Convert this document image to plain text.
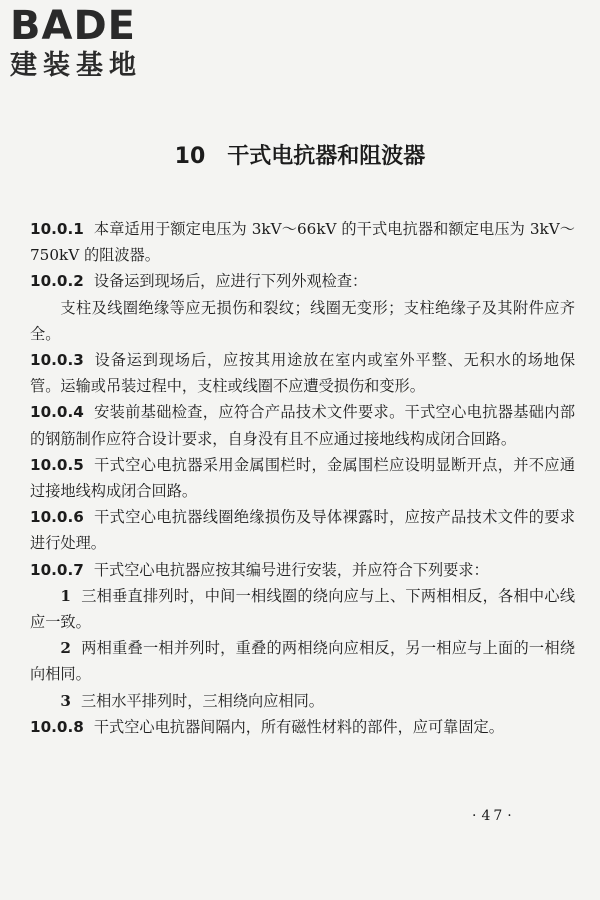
BADE
建装基地
10 干式电抗器和阻波器

10.0.1 本章适用于额定电压为 3kV～66kV 的干式电抗器和额定电压为 3kV～750kV 的阻波器。

10.0.2 设备运到现场后，应进行下列外观检查：

支柱及线圈绝缘等应无损伤和裂纹；线圈无变形；支柱绝缘子及其附件应齐全。

10.0.3 设备运到现场后，应按其用途放在室内或室外平整、无积水的场地保管。运输或吊装过程中，支柱或线圈不应遭受损伤和变形。

10.0.4 安装前基础检查，应符合产品技术文件要求。干式空心电抗器基础内部的钢筋制作应符合设计要求，自身没有且不应通过接地线构成闭合回路。

10.0.5 干式空心电抗器采用金属围栏时，金属围栏应设明显断开点，并不应通过接地线构成闭合回路。

10.0.6 干式空心电抗器线圈绝缘损伤及导体裸露时，应按产品技术文件的要求进行处理。

10.0.7 干式空心电抗器应按其编号进行安装，并应符合下列要求：

1 三相垂直排列时，中间一相线圈的绕向应与上、下两相相反，各相中心线应一致。

2 两相重叠一相并列时，重叠的两相绕向应相反，另一相应与上面的一相绕向相同。

3 三相水平排列时，三相绕向应相同。

10.0.8 干式空心电抗器间隔内，所有磁性材料的部件，应可靠固定。

· 47 ·
